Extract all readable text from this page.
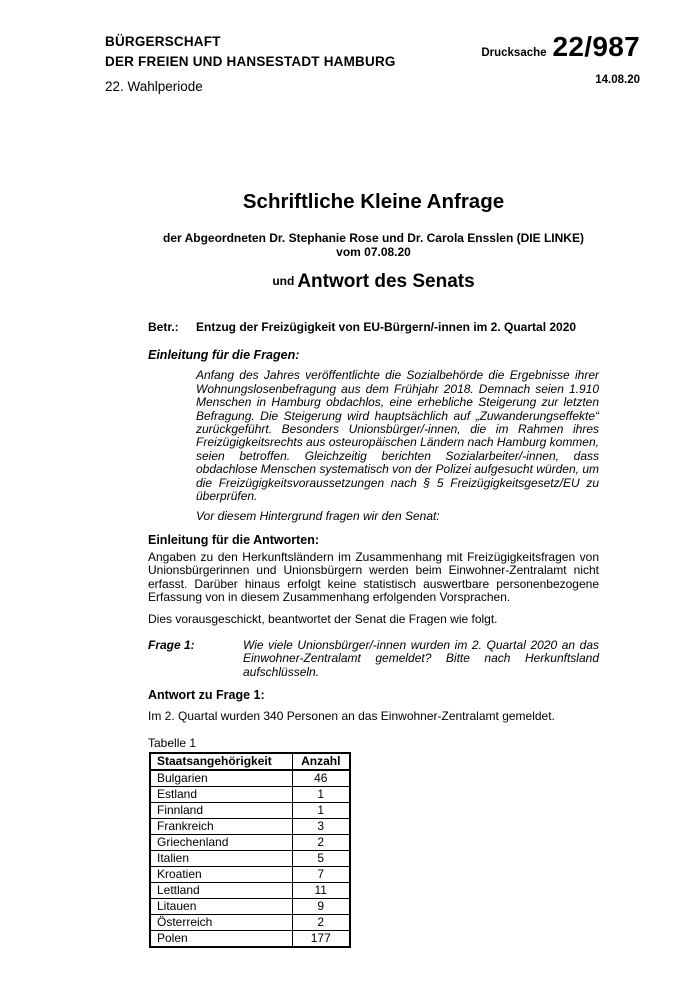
BÜRGERSCHAFT
DER FREIEN UND HANSESTADT HAMBURG
22. Wahlperiode
Drucksache 22/987
14.08.20
Schriftliche Kleine Anfrage
der Abgeordneten Dr. Stephanie Rose und Dr. Carola Ensslen (DIE LINKE)
vom 07.08.20
und Antwort des Senats
Betr.:	Entzug der Freizügigkeit von EU-Bürgern/-innen im 2. Quartal 2020
Einleitung für die Fragen:

Anfang des Jahres veröffentlichte die Sozialbehörde die Ergebnisse ihrer Wohnungslosenbefragung aus dem Frühjahr 2018. Demnach seien 1.910 Menschen in Hamburg obdachlos, eine erhebliche Steigerung zur letzten Befragung. Die Steigerung wird hauptsächlich auf „Zuwanderungseffekte“ zurückgeführt. Besonders Unionsbürger/-innen, die im Rahmen ihres Freizügigkeitsrechts aus osteuropäischen Ländern nach Hamburg kommen, seien betroffen. Gleichzeitig berichten Sozialarbeiter/-innen, dass obdachlose Menschen systematisch von der Polizei aufgesucht würden, um die Freizügigkeitsvoraussetzungen nach § 5 Freizügigkeitsgesetz/EU zu überprüfen.

Vor diesem Hintergrund fragen wir den Senat:

Einleitung für die Antworten:

Angaben zu den Herkunftsländern im Zusammenhang mit Freizügigkeitsfragen von Unionsbürgerinnen und Unionsbürgern werden beim Einwohner-Zentralamt nicht erfasst. Darüber hinaus erfolgt keine statistisch auswertbare personenbezogene Erfassung von in diesem Zusammenhang erfolgenden Vorsprachen.

Dies vorausgeschickt, beantwortet der Senat die Fragen wie folgt.

Frage 1:	Wie viele Unionsbürger/-innen wurden im 2. Quartal 2020 an das Einwohner-Zentralamt gemeldet? Bitte nach Herkunftsland aufschlüsseln.

Antwort zu Frage 1:

Im 2. Quartal wurden 340 Personen an das Einwohner-Zentralamt gemeldet.

Tabelle 1
Staatsangehörigkeit	Anzahl
Bulgarien	46
Estland	1
Finnland	1
Frankreich	3
Griechenland	2
Italien	5
Kroatien	7
Lettland	11
Litauen	9
Österreich	2
Polen	177
